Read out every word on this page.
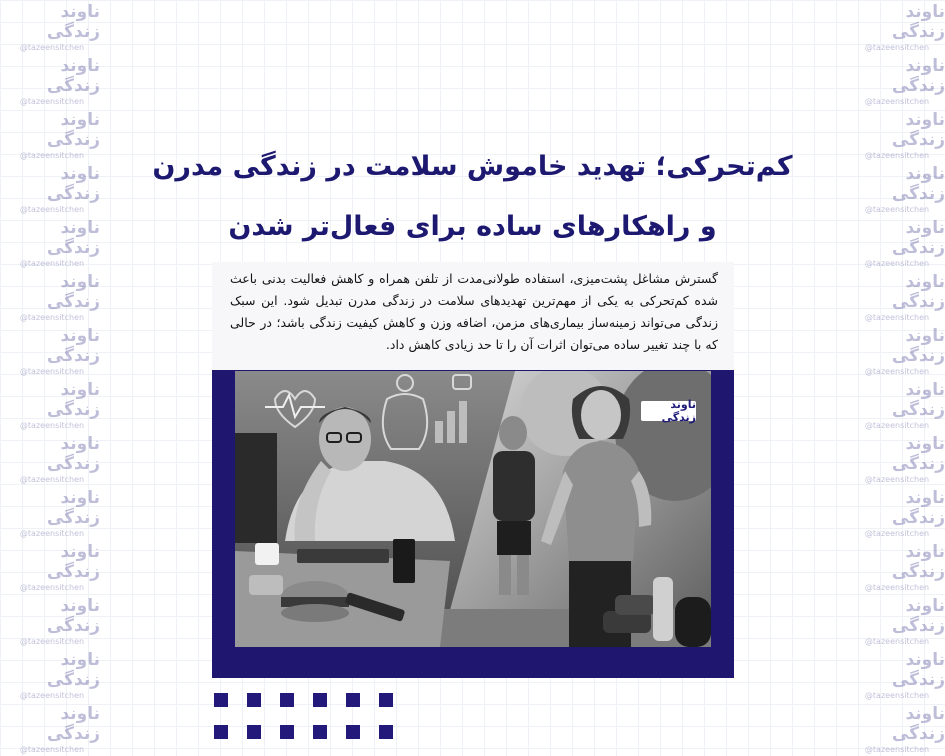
ناوند زندگی
@tazeensitchen
ناوند زندگی
@tazeensitchen
ناوند زندگی
@tazeensitchen
ناوند زندگی
@tazeensitchen
ناوند زندگی
@tazeensitchen
ناوند زندگی
@tazeensitchen
ناوند زندگی
@tazeensitchen
ناوند زندگی
@tazeensitchen
ناوند زندگی
@tazeensitchen
ناوند زندگی
@tazeensitchen
ناوند زندگی
@tazeensitchen
ناوند زندگی
@tazeensitchen
ناوند زندگی
@tazeensitchen
ناوند زندگی
@tazeensitchen
ناوند زندگی
@tazeensitchen
ناوند زندگی
@tazeensitchen
ناوند زندگی
@tazeensitchen
ناوند زندگی
@tazeensitchen
ناوند زندگی
@tazeensitchen
ناوند زندگی
@tazeensitchen
ناوند زندگی
@tazeensitchen
ناوند زندگی
@tazeensitchen
ناوند زندگی
@tazeensitchen
ناوند زندگی
@tazeensitchen
ناوند زندگی
@tazeensitchen
ناوند زندگی
@tazeensitchen
ناوند زندگی
@tazeensitchen
ناوند زندگی
@tazeensitchen
کم‌تحرکی؛ تهدید خاموش سلامت در زندگی مدرن
و راهکارهای ساده برای فعال‌تر شدن
گسترش مشاغل پشت‌میزی، استفاده طولانی‌مدت از تلفن همراه و کاهش فعالیت بدنی باعث شده کم‌تحرکی به یکی از مهم‌ترین تهدیدهای سلامت در زندگی مدرن تبدیل شود. این سبک زندگی می‌تواند زمینه‌ساز بیماری‌های مزمن، اضافه وزن و کاهش کیفیت زندگی باشد؛ در حالی که با چند تغییر ساده می‌توان اثرات آن را تا حد زیادی کاهش داد.
ناوند زندگی
